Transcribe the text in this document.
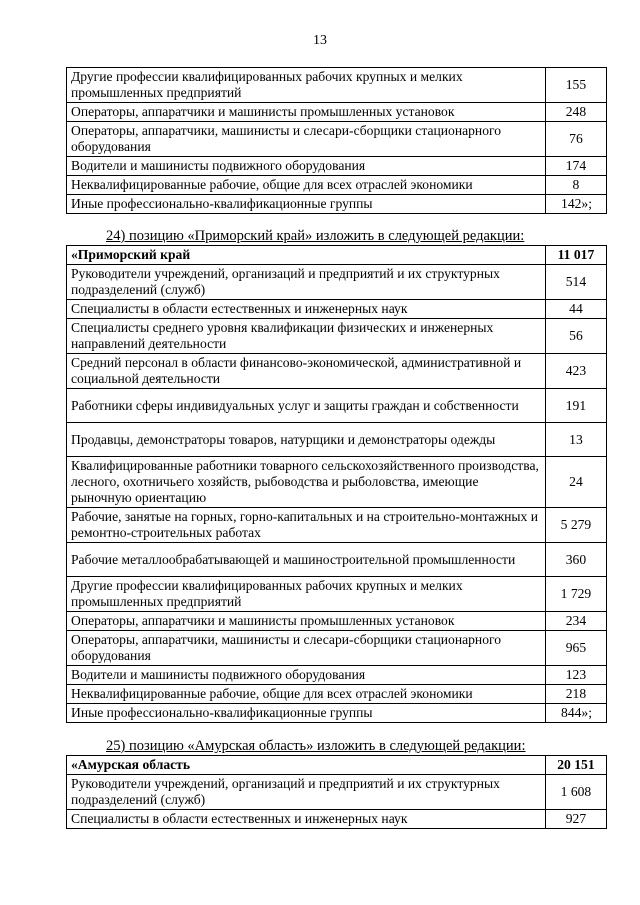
13
Другие профессии квалифицированных рабочих крупных и мелких промышленных предприятий	155
Операторы, аппаратчики и машинисты промышленных установок	248
Операторы, аппаратчики, машинисты и слесари-сборщики стационарного оборудования	76
Водители и машинисты подвижного оборудования	174
Неквалифицированные рабочие, общие для всех отраслей экономики	8
Иные профессионально-квалификационные группы	142»;
24) позицию «Приморский край» изложить в следующей редакции:
«Приморский край	11 017
Руководители учреждений, организаций и предприятий и их структурных подразделений (служб)	514
Специалисты в области естественных и инженерных наук	44
Специалисты среднего уровня квалификации физических и инженерных направлений деятельности	56
Средний персонал в области финансово-экономической, административной и социальной деятельности	423
Работники сферы индивидуальных услуг и защиты граждан и собственности	191
Продавцы, демонстраторы товаров, натурщики и демонстраторы одежды	13
Квалифицированные работники товарного сельскохозяйственного производства, лесного, охотничьего хозяйств, рыбоводства и рыболовства, имеющие рыночную ориентацию	24
Рабочие, занятые на горных, горно-капитальных и на строительно-монтажных и ремонтно-строительных работах	5 279
Рабочие металлообрабатывающей и машиностроительной промышленности	360
Другие профессии квалифицированных рабочих крупных и мелких промышленных предприятий	1 729
Операторы, аппаратчики и машинисты промышленных установок	234
Операторы, аппаратчики, машинисты и слесари-сборщики стационарного оборудования	965
Водители и машинисты подвижного оборудования	123
Неквалифицированные рабочие, общие для всех отраслей экономики	218
Иные профессионально-квалификационные группы	844»;
25) позицию «Амурская область» изложить в следующей редакции:
«Амурская область	20 151
Руководители учреждений, организаций и предприятий и их структурных подразделений (служб)	1 608
Специалисты в области естественных и инженерных наук	927
